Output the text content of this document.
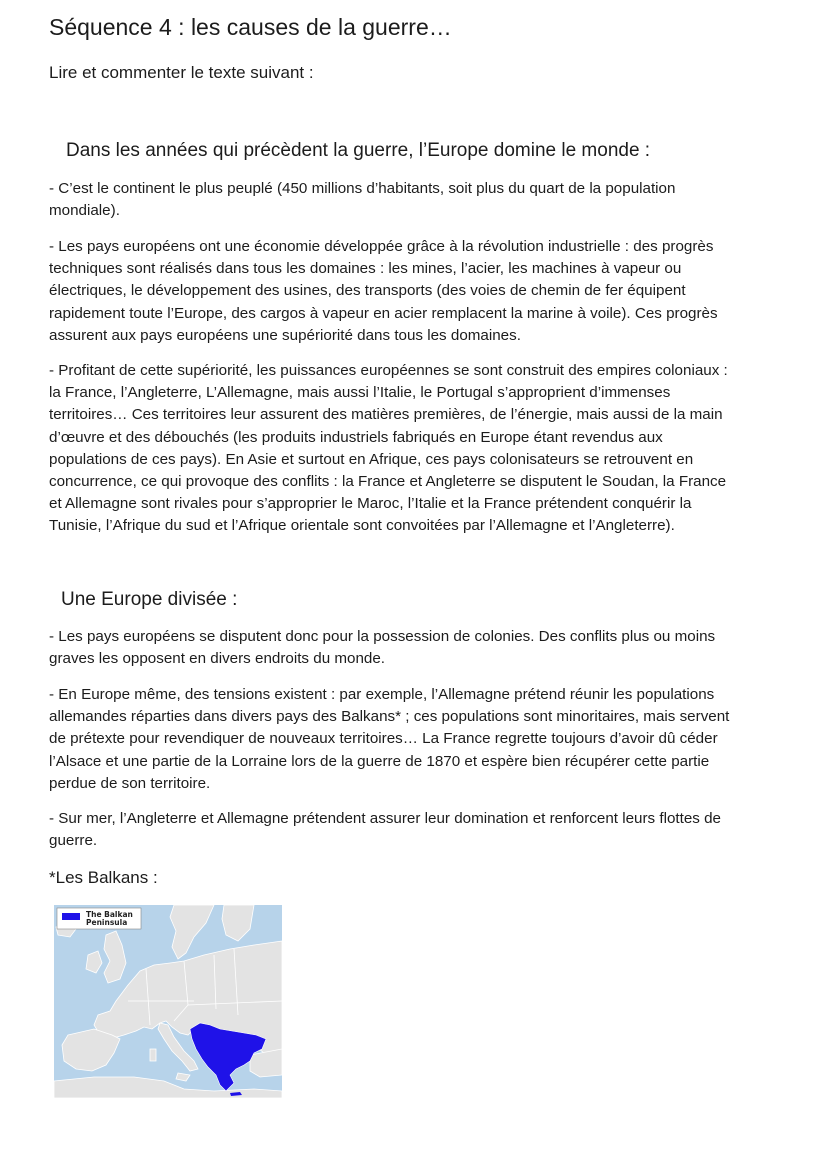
Séquence 4 : les causes de la guerre…

Lire et commenter le texte suivant :

Dans les années qui précèdent la guerre, l’Europe domine le monde :

- C’est le continent le plus peuplé (450 millions d’habitants, soit plus du quart de la population
mondiale).

- Les pays européens ont une économie développée grâce à la révolution industrielle : des progrès
techniques sont réalisés dans tous les domaines : les mines, l’acier, les machines à vapeur ou
électriques, le développement des usines, des transports (des voies de chemin de fer équipent
rapidement toute l’Europe, des cargos à vapeur en acier remplacent la marine à voile). Ces progrès
assurent aux pays européens une supériorité dans tous les domaines.

- Profitant de cette supériorité, les puissances européennes se sont construit des empires coloniaux :
la France, l’Angleterre, L’Allemagne, mais aussi l’Italie, le Portugal s’approprient d’immenses
territoires… Ces territoires leur assurent des matières premières, de l’énergie, mais aussi de la main
d’œuvre et des débouchés (les produits industriels fabriqués en Europe étant revendus aux
populations de ces pays). En Asie et surtout en Afrique, ces pays colonisateurs se retrouvent en
concurrence, ce qui provoque des conflits : la France et Angleterre se disputent le Soudan, la France
et Allemagne sont rivales pour s’approprier le Maroc, l’Italie et la France prétendent conquérir la
Tunisie, l’Afrique du sud et l’Afrique orientale sont convoitées par l’Allemagne et l’Angleterre).

Une Europe divisée :

- Les pays européens se disputent donc pour la possession de colonies. Des conflits plus ou moins
graves les opposent en divers endroits du monde.

- En Europe même, des tensions existent : par exemple, l’Allemagne prétend réunir les populations
allemandes réparties dans divers pays des Balkans* ; ces populations sont minoritaires, mais servent
de prétexte pour revendiquer de nouveaux territoires… La France regrette toujours d’avoir dû céder
l’Alsace et une partie de la Lorraine lors de la guerre de 1870 et espère bien récupérer cette partie
perdue de son territoire.

- Sur mer, l’Angleterre et Allemagne prétendent assurer leur domination et renforcent leurs flottes de
guerre.

*Les Balkans :

The Balkan
Peninsula
